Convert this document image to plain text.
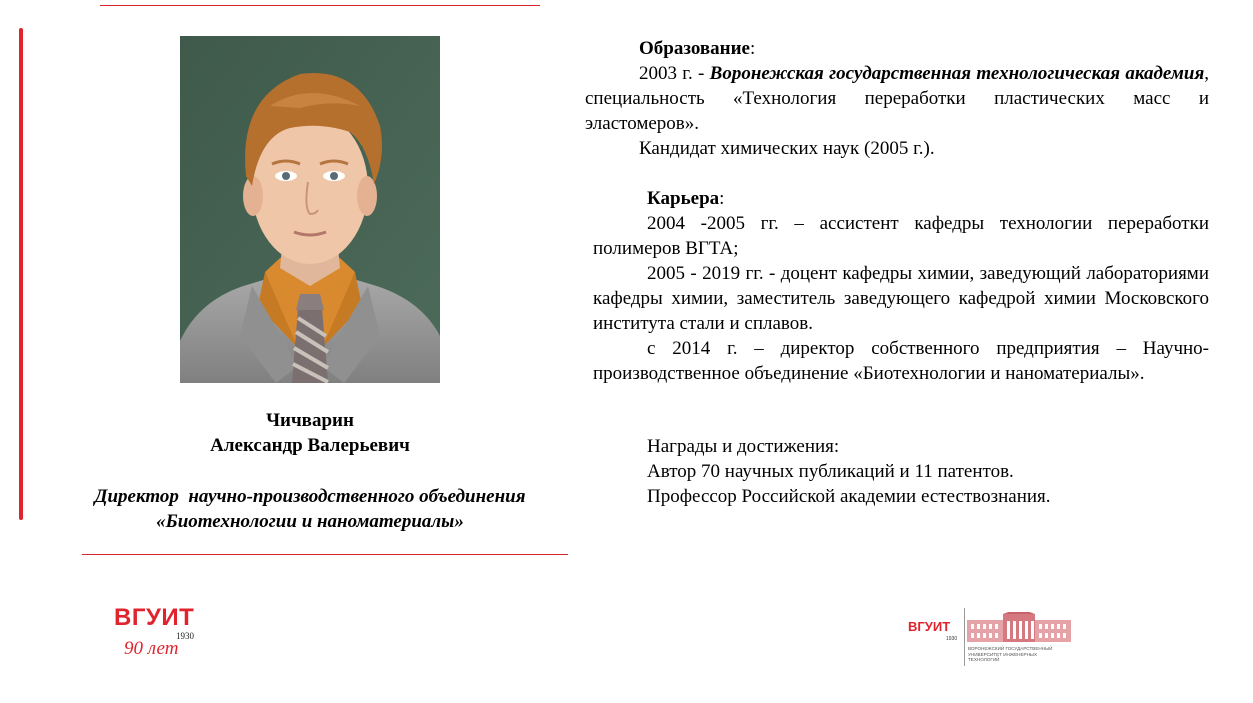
Чичварин
Александр Валерьевич
Директор  научно-производственного объединения
«Биотехнологии и наноматериалы»

Образование:

2003 г. - Воронежская государственная технологическая академия, специальность «Технология переработки пластических масс и эластомеров».

Кандидат химических наук (2005 г.).

Карьера:

2004 -2005 гг. – ассистент кафедры технологии переработки полимеров ВГТА;

2005 - 2019 гг. - доцент кафедры химии, заведующий лабораториями кафедры химии, заместитель заведующего кафедрой химии Московского института стали и сплавов.

с 2014 г. – директор собственного предприятия – Научно-производственное объединение «Биотехнологии и наноматериалы».

Награды и достижения:

Автор 70 научных публикаций и 11 патентов.

Профессор Российской академии естествознания.

ВГУИТ
1930
90 лет
ВГУИТ
1930
ВОРОНЕЖСКИЙ ГОСУДАРСТВЕННЫЙ
УНИВЕРСИТЕТ ИНЖЕНЕРНЫХ
ТЕХНОЛОГИЙ
